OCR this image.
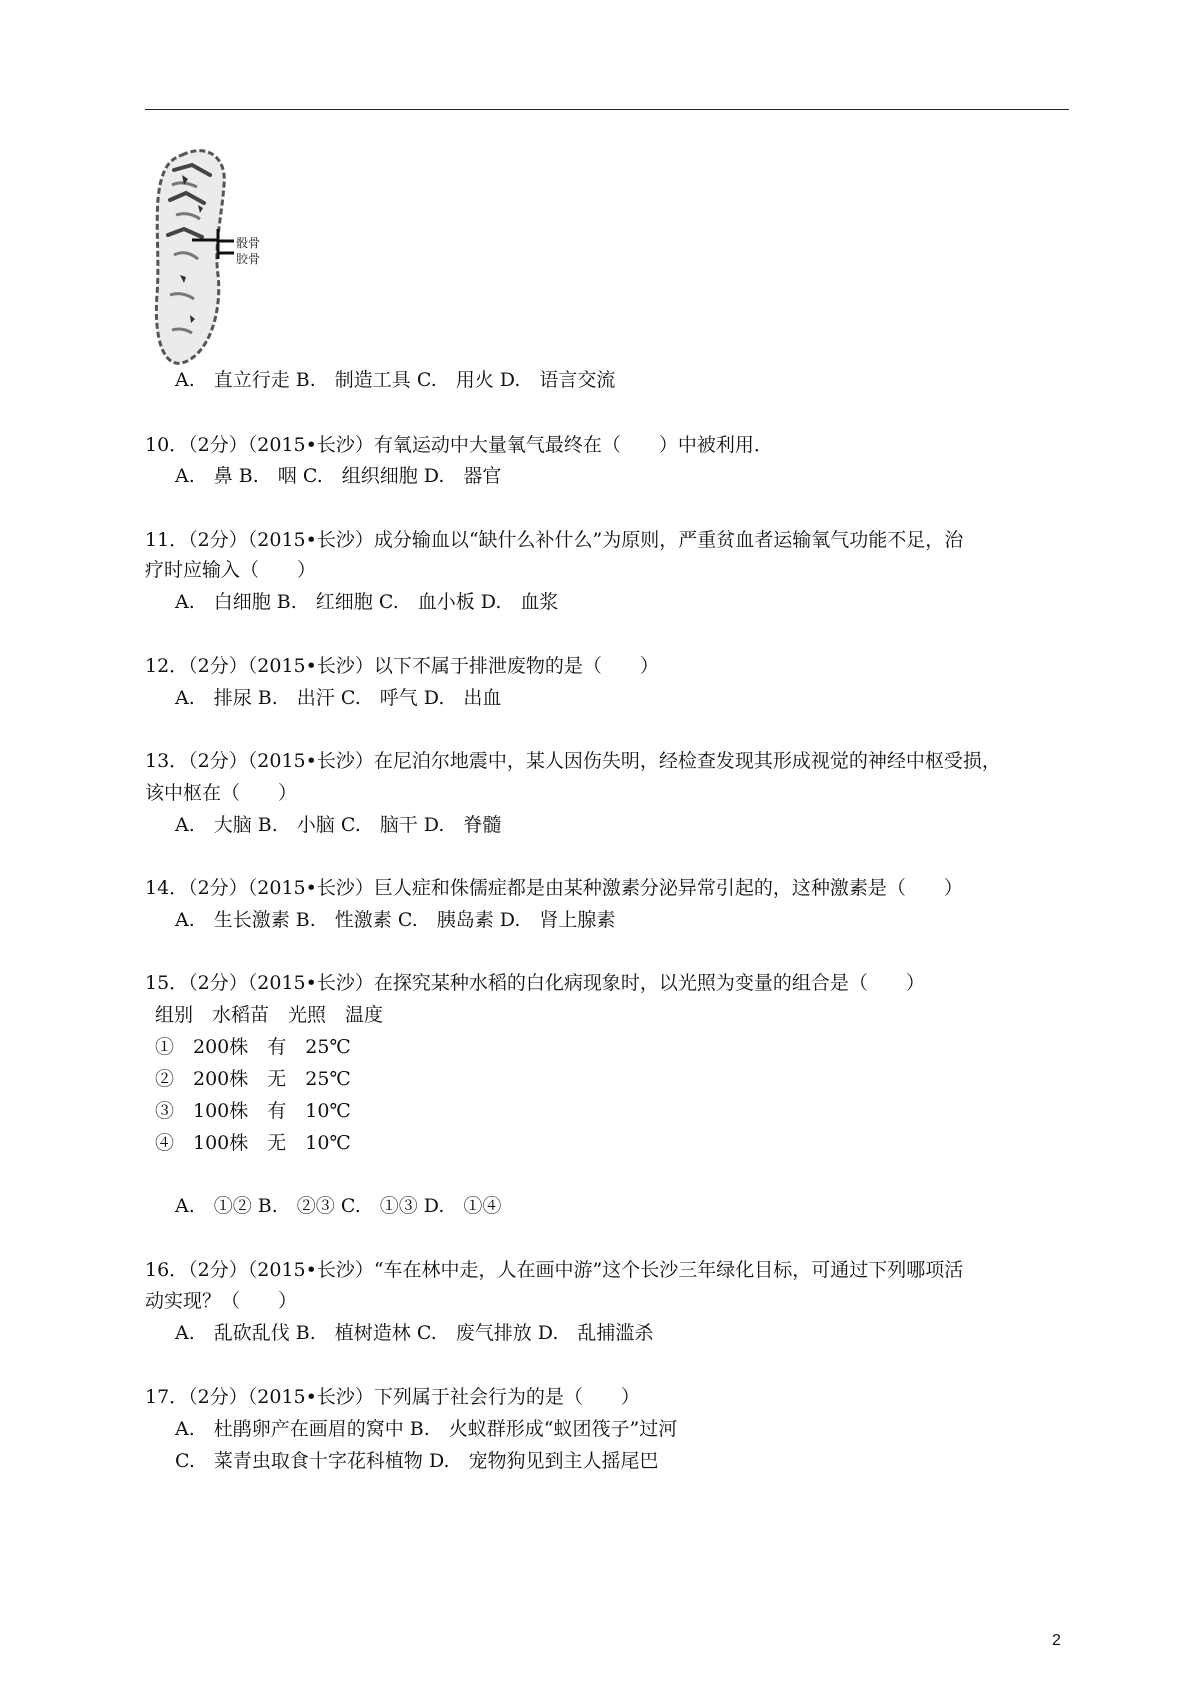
骰骨
胶骨
A.　直立行走 B.　制造工具 C.　用火 D.　语言交流
10．（2分）（2015•长沙）有氧运动中大量氧气最终在（　　）中被利用．
A.　鼻 B.　咽 C.　组织细胞 D.　器官
11．（2分）（2015•长沙）成分输血以“缺什么补什么”为原则，严重贫血者运输氧气功能不足，治
疗时应输入（　　）
A.　白细胞 B.　红细胞 C.　血小板 D.　血浆
12．（2分）（2015•长沙）以下不属于排泄废物的是（　　）
A.　排尿 B.　出汗 C.　呼气 D.　出血
13．（2分）（2015•长沙）在尼泊尔地震中，某人因伤失明，经检查发现其形成视觉的神经中枢受损，
该中枢在（　　）
A.　大脑 B.　小脑 C.　脑干 D.　脊髓
14．（2分）（2015•长沙）巨人症和侏儒症都是由某种激素分泌异常引起的，这种激素是（　　）
A.　生长激素 B.　性激素 C.　胰岛素 D.　肾上腺素
15．（2分）（2015•长沙）在探究某种水稻的白化病现象时，以光照为变量的组合是（　　）
组别　水稻苗　光照　温度
①　200株　有　25℃
②　200株　无　25℃
③　100株　有　10℃
④　100株　无　10℃
A.　①② B.　②③ C.　①③ D.　①④
16．（2分）（2015•长沙）“车在林中走，人在画中游”这个长沙三年绿化目标，可通过下列哪项活
动实现？（　　）
A.　乱砍乱伐 B.　植树造林 C.　废气排放 D.　乱捕滥杀
17．（2分）（2015•长沙）下列属于社会行为的是（　　）
A.　杜鹃卵产在画眉的窝中 B.　火蚁群形成“蚁团筏子”过河
C.　菜青虫取食十字花科植物 D.　宠物狗见到主人摇尾巴
2
